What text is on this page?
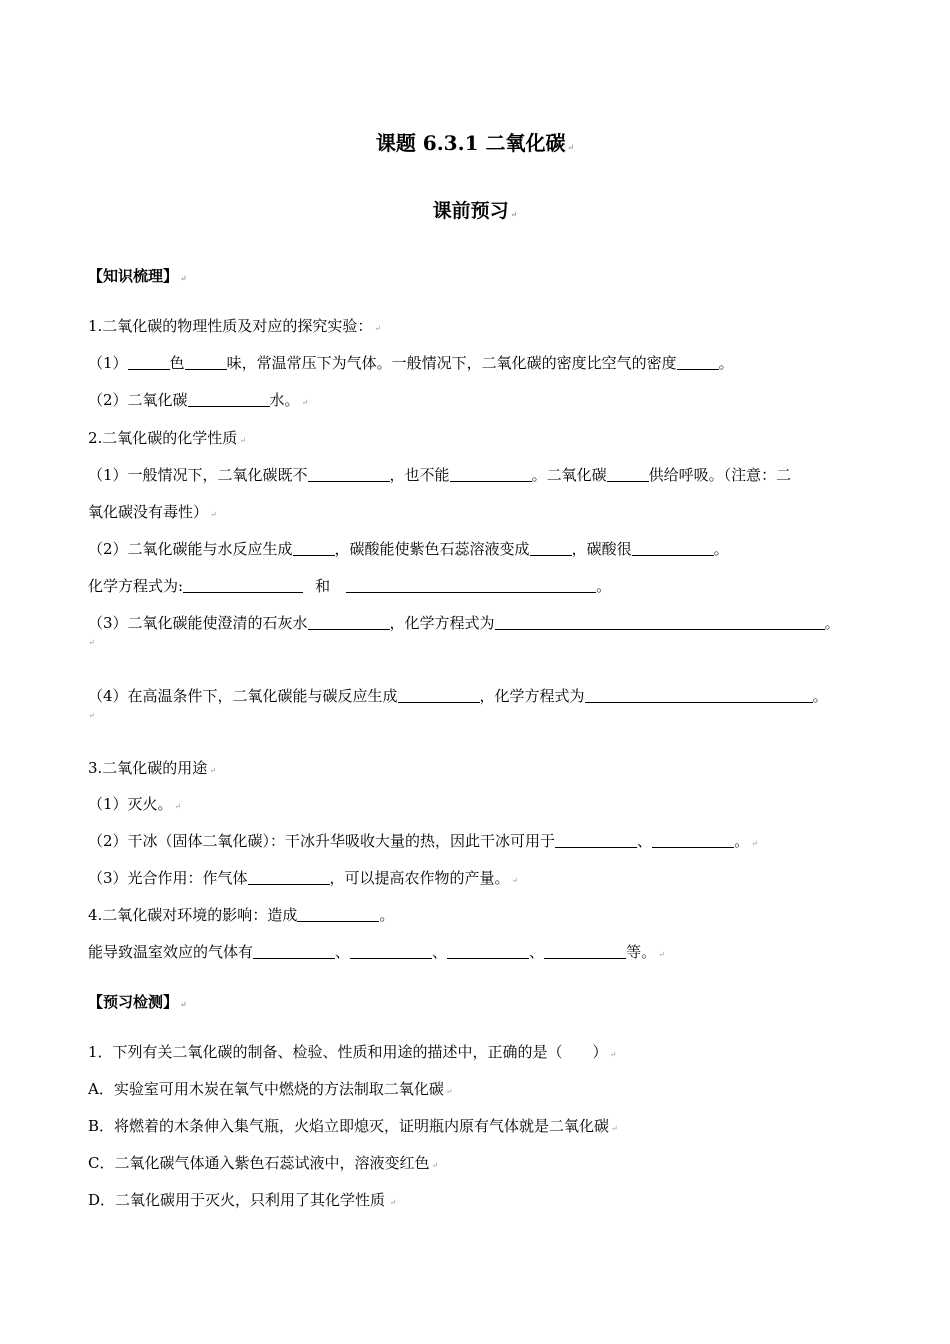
课题 6.3.1 二氧化碳 ↵
课前预习 ↵
【知识梳理】 ↵
1.二氧化碳的物理性质及对应的探究实验： ↵
（1）	色	味，常温常压下为气体。一般情况下，二氧化碳的密度比空气的密度	。
（2）二氧化碳	水。 ↵
2.二氧化碳的化学性质 ↵
（1）一般情况下，二氧化碳既不	，也不能	。二氧化碳	供给呼吸。（注意：二
氧化碳没有毒性） ↵
（2）二氧化碳能与水反应生成	，碳酸能使紫色石蕊溶液变成	，碳酸很	。
化学方程式为:	和	。
（3）二氧化碳能使澄清的石灰水	，化学方程式为	。
↵
（4）在高温条件下，二氧化碳能与碳反应生成	，化学方程式为	。
↵
3.二氧化碳的用途 ↵
（1）灭火。 ↵
（2）干冰（固体二氧化碳）：干冰升华吸收大量的热，因此干冰可用于	、	。 ↵
（3）光合作用：作气体	，可以提高农作物的产量。 ↵
4.二氧化碳对环境的影响：造成	。
能导致温室效应的气体有	、	、	、	等。 ↵
【预习检测】 ↵
1．下列有关二氧化碳的制备、检验、性质和用途的描述中，正确的是（　　） ↵
A．实验室可用木炭在氧气中燃烧的方法制取二氧化碳 ↵
B．将燃着的木条伸入集气瓶，火焰立即熄灭，证明瓶内原有气体就是二氧化碳 ↵
C．二氧化碳气体通入紫色石蕊试液中，溶液变红色 ↵
D．二氧化碳用于灭火，只利用了其化学性质 ↵
